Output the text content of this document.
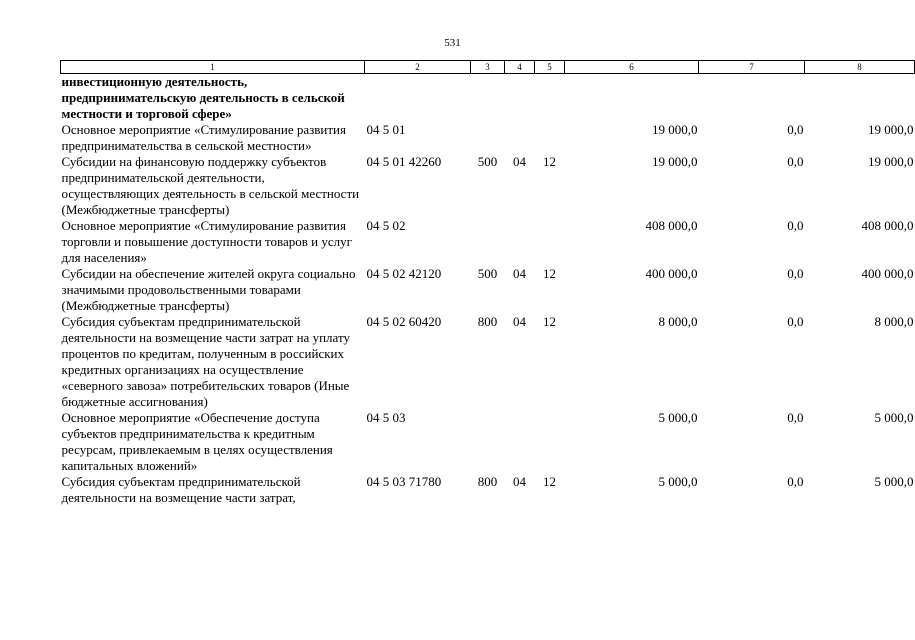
531
1	2	3	4	5	6	7	8
инвестиционную деятельность, предпринимательскую деятельность в сельской местности и торговой сфере»							
Основное мероприятие «Стимулирование развития предпринимательства в сельской местности»	04 5 01				19 000,0	0,0	19 000,0
Субсидии на финансовую поддержку субъектов предпринимательской деятельности, осуществляющих деятельность в сельской местности (Межбюджетные трансферты)	04 5 01 42260	500	04	12	19 000,0	0,0	19 000,0
Основное мероприятие «Стимулирование развития торговли и повышение доступности товаров и услуг для населения»	04 5 02				408 000,0	0,0	408 000,0
Субсидии на обеспечение жителей округа социально значимыми продовольственными товарами (Межбюджетные трансферты)	04 5 02 42120	500	04	12	400 000,0	0,0	400 000,0
Субсидия субъектам предпринимательской деятельности на возмещение части затрат на уплату процентов по кредитам, полученным в российских кредитных организациях на осуществление «северного завоза» потребительских товаров (Иные бюджетные ассигнования)	04 5 02 60420	800	04	12	8 000,0	0,0	8 000,0
Основное мероприятие «Обеспечение доступа субъектов предпринимательства к кредитным ресурсам, привлекаемым в целях осуществления капитальных вложений»	04 5 03				5 000,0	0,0	5 000,0
Субсидия субъектам предпринимательской деятельности на возмещение части затрат,	04 5 03 71780	800	04	12	5 000,0	0,0	5 000,0
